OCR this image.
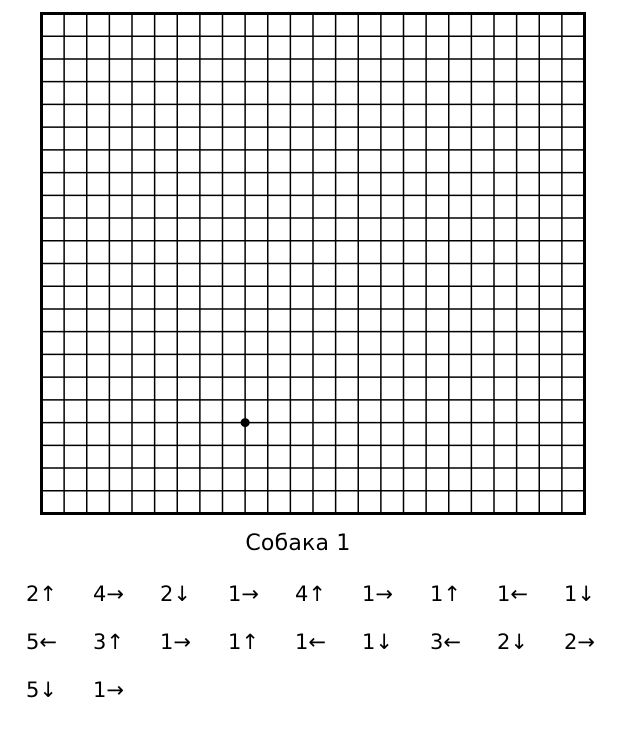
Собака 1
2↑ 4→ 2↓ 1→ 4↑ 1→ 1↑ 1← 1↓
5← 3↑ 1→ 1↑ 1← 1↓ 3← 2↓ 2→
5↓ 1→
